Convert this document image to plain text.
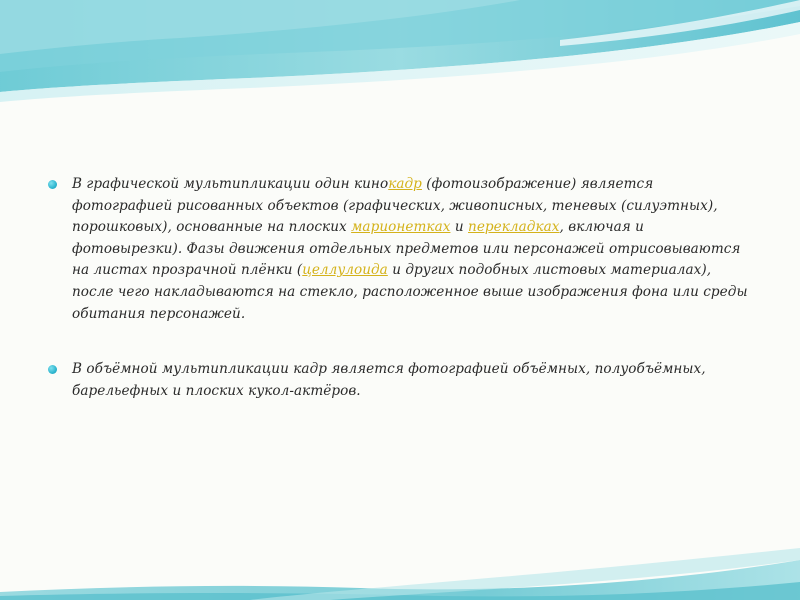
В графической мультипликации один кинокадр (фотоизображение) является фотографией рисованных объектов (графических, живописных, теневых (силуэтных), порошковых), основанные на плоских марионетках и перекладках, включая и фотовырезки). Фазы движения отдельных предметов или персонажей отрисовываются на листах прозрачной плёнки (целлулоида и других подобных листовых материалах), после чего накладываются на стекло, расположенное выше изображения фона или среды обитания персонажей.
В объёмной мультипликации кадр является фотографией объёмных, полуобъёмных, барельефных и плоских кукол-актёров.
